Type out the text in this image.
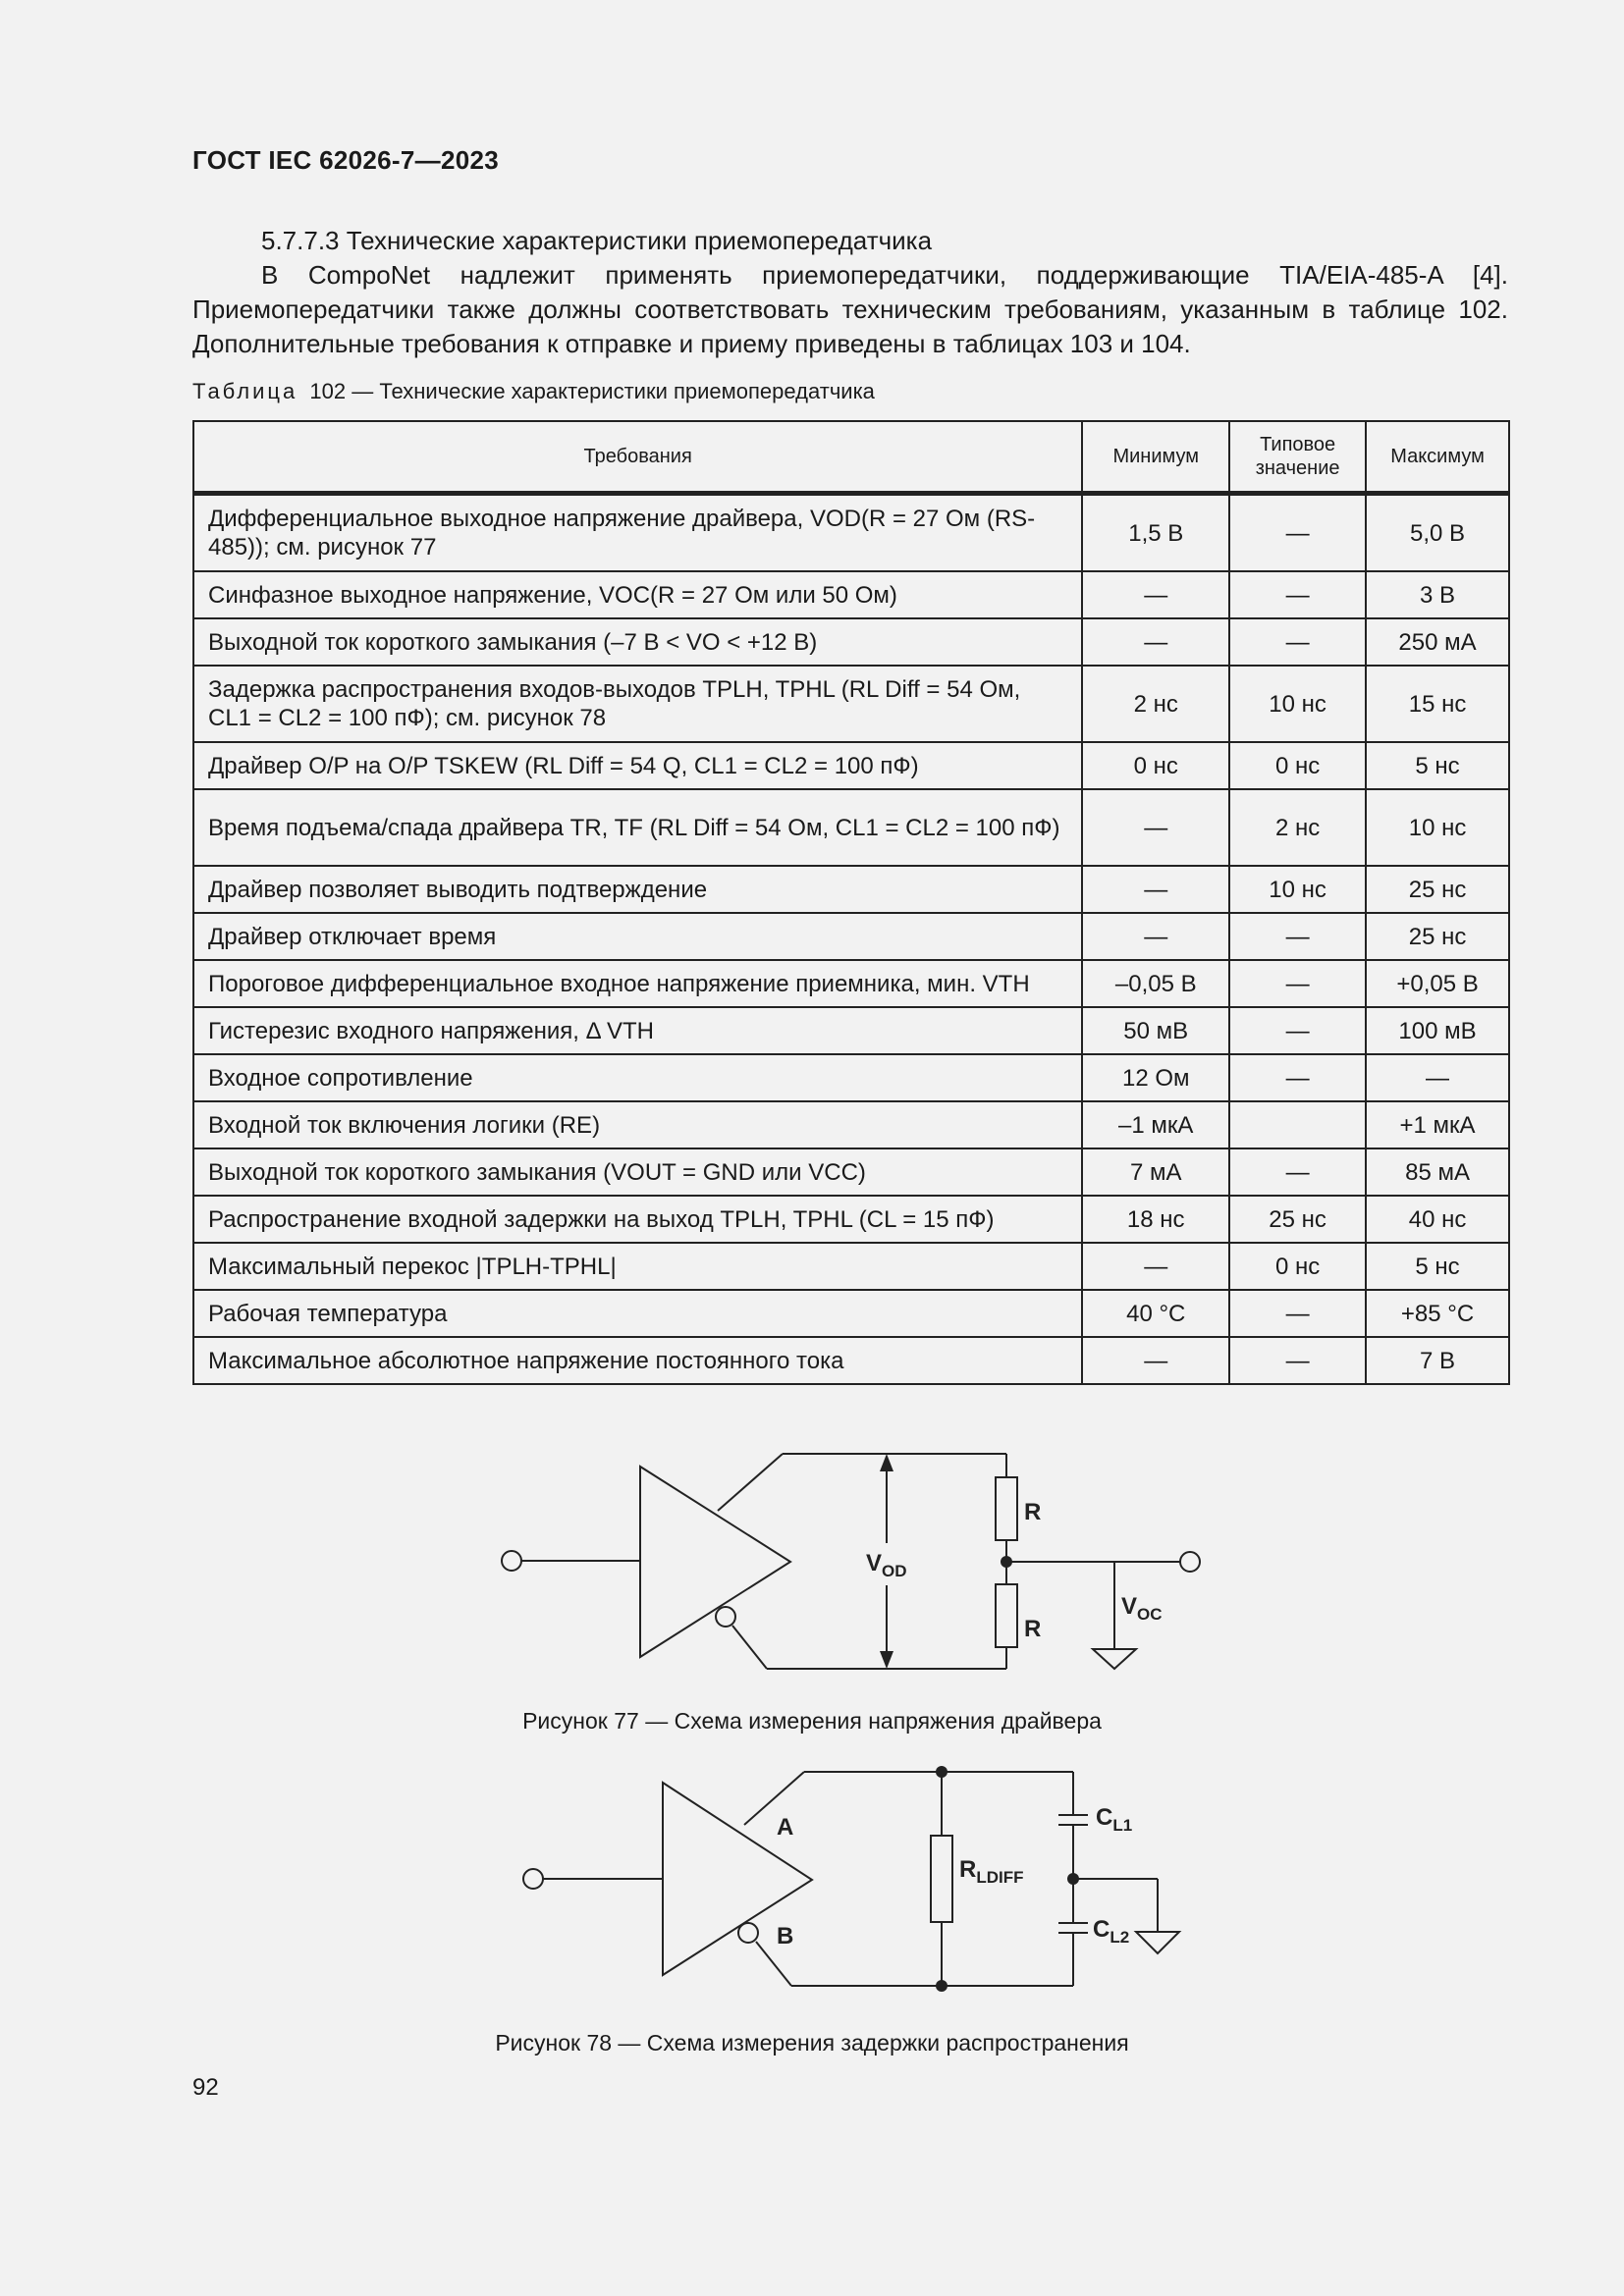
ГОСТ IEC 62026-7—2023

5.7.7.3 Технические характеристики приемопередатчика

В CompoNet надлежит применять приемопередатчики, поддерживающие TIA/EIA-485-A [4]. Приемопередатчики также должны соответствовать техническим требованиям, указанным в таблице 102. Дополнительные требования к отправке и приему приведены в таблицах 103 и 104.

Таблица 102 — Технические характеристики приемопередатчика
Требования	Минимум	Типовое значение	Максимум
Дифференциальное выходное напряжение драйвера, VOD(R = 27 Ом (RS-485)); см. рисунок 77	1,5 В	—	5,0 В
Синфазное выходное напряжение, VOC(R = 27 Ом или 50 Ом)	—	—	3 В
Выходной ток короткого замыкания (–7 В < VO < +12 В)	—	—	250 мА
Задержка распространения входов-выходов TPLH, TPHL (RL Diff = 54 Ом, CL1 = CL2 = 100 пФ); см. рисунок 78	2 нс	10 нс	15 нс
Драйвер O/P на O/P TSKEW (RL Diff = 54 Q, CL1 = CL2 = 100 пФ)	0 нс	0 нс	5 нс
Время подъема/спада драйвера TR, TF (RL Diff = 54 Ом, CL1 = CL2 = 100 пФ)	—	2 нс	10 нс
Драйвер позволяет выводить подтверждение	—	10 нс	25 нс
Драйвер отключает время	—	—	25 нс
Пороговое дифференциальное входное напряжение приемника, мин. VTH	–0,05 В	—	+0,05 В
Гистерезис входного напряжения, Δ VTH	50 мВ	—	100 мВ
Входное сопротивление	12 Ом	—	—
Входной ток включения логики (RE)	–1 мкА		+1 мкА
Выходной ток короткого замыкания (VOUT = GND или VCC)	7 мА	—	85 мА
Распространение входной задержки на выход TPLH, TPHL (CL = 15 пФ)	18 нс	25 нс	40 нс
Максимальный перекос |TPLH-TPHL|	—	0 нс	5 нс
Рабочая температура	40 °C	—	+85 °C
Максимальное абсолютное напряжение постоянного тока	—	—	7 В
R
R
$V_{OD}$
$V_{OC}$
Рисунок 77 — Схема измерения напряжения драйвера
A
B
$R_{LDIFF}$
$C_{L1}$
$C_{L2}$
Рисунок 78 — Схема измерения задержки распространения
92
